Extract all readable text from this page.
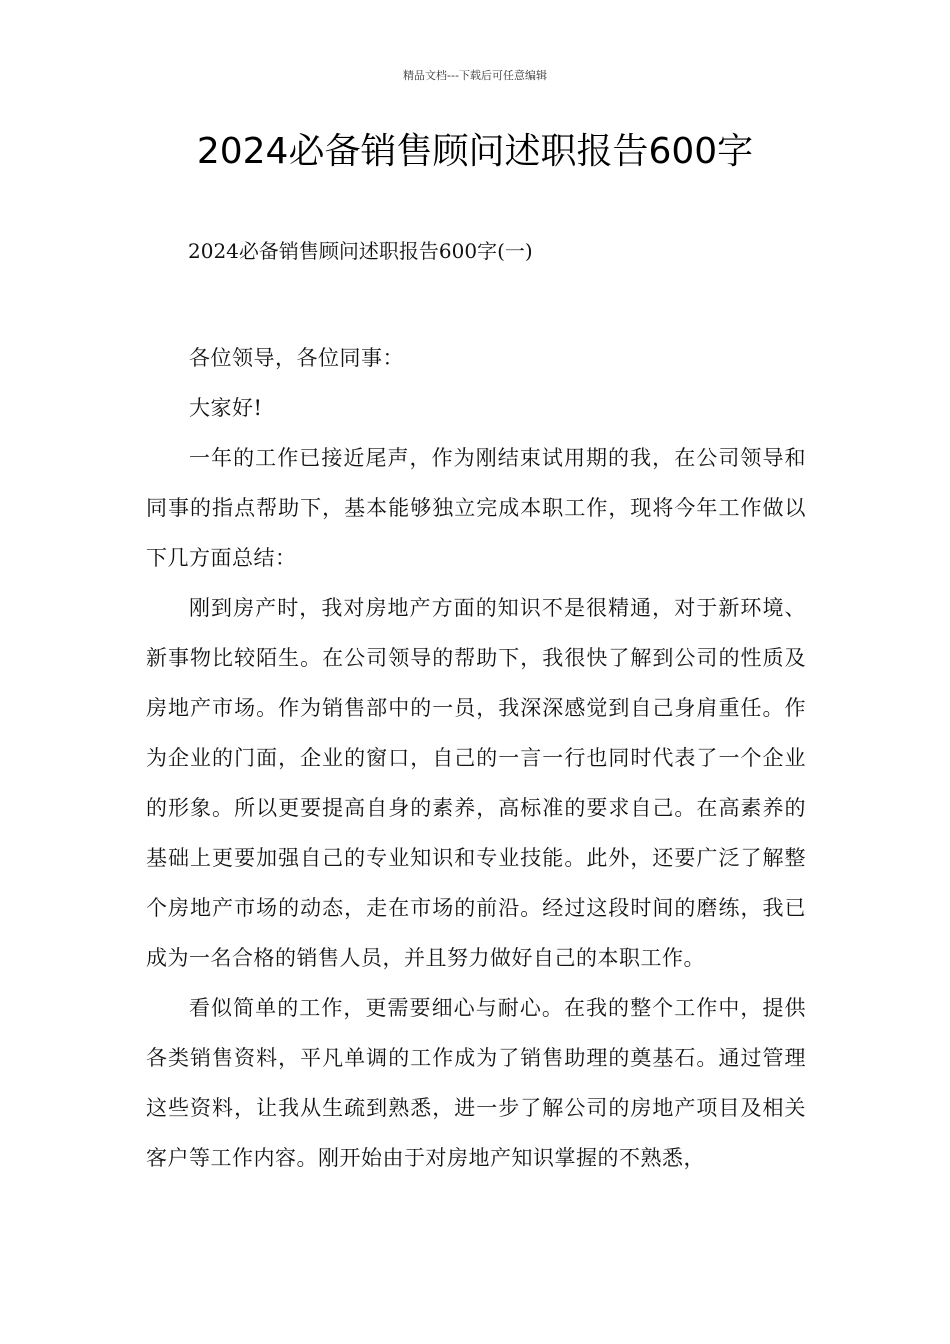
精品文档---下载后可任意编辑
2024必备销售顾问述职报告600字

2024必备销售顾问述职报告600字(一)

各位领导，各位同事：

大家好!

一年的工作已接近尾声，作为刚结束试用期的我，在公司领导和同事的指点帮助下，基本能够独立完成本职工作，现将今年工作做以下几方面总结：

刚到房产时，我对房地产方面的知识不是很精通，对于新环境、新事物比较陌生。在公司领导的帮助下，我很快了解到公司的性质及房地产市场。作为销售部中的一员，我深深感觉到自己身肩重任。作为企业的门面，企业的窗口，自己的一言一行也同时代表了一个企业的形象。所以更要提高自身的素养，高标准的要求自己。在高素养的基础上更要加强自己的专业知识和专业技能。此外，还要广泛了解整个房地产市场的动态，走在市场的前沿。经过这段时间的磨练，我已成为一名合格的销售人员，并且努力做好自己的本职工作。

看似简单的工作，更需要细心与耐心。在我的整个工作中，提供各类销售资料，平凡单调的工作成为了销售助理的奠基石。通过管理这些资料，让我从生疏到熟悉，进一步了解公司的房地产项目及相关客户等工作内容。刚开始由于对房地产知识掌握的不熟悉，
